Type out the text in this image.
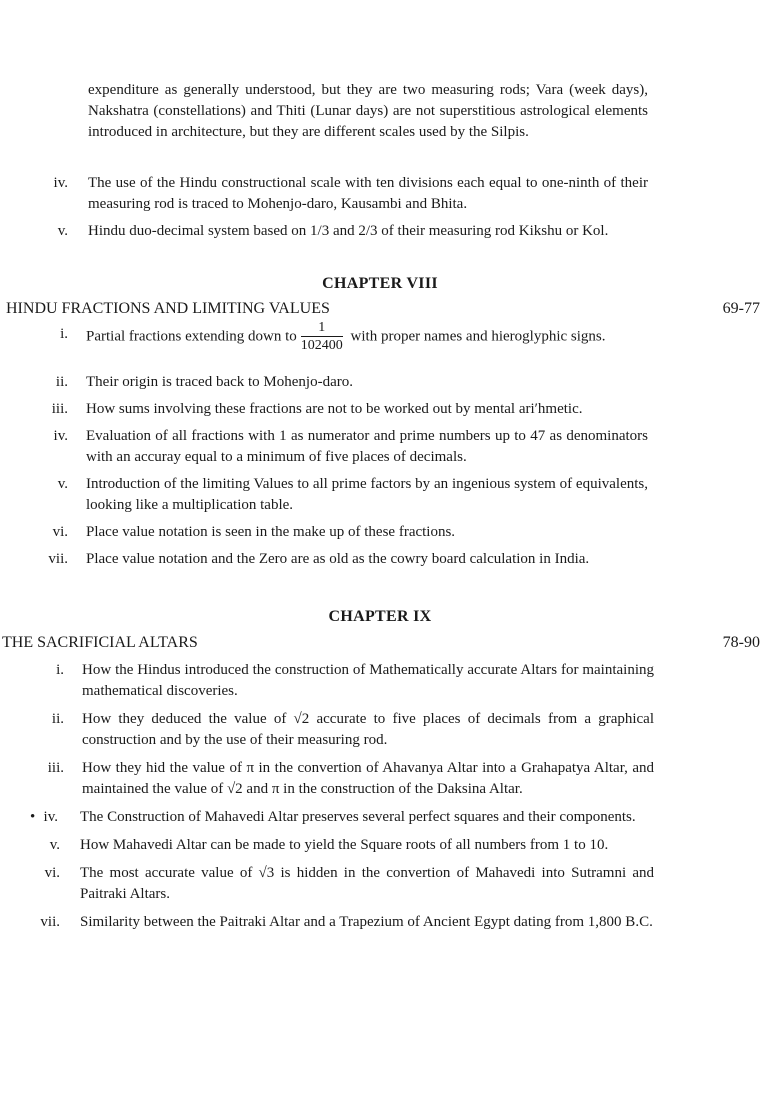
expenditure as generally understood, but they are two measuring rods; Vara (week days), Nakshatra (constellations) and Thiti (Lunar days) are not superstitious astrological elements introduced in architecture, but they are different scales used by the Silpis.
iv. The use of the Hindu constructional scale with ten divisions each equal to one-ninth of their measuring rod is traced to Mohenjo-daro, Kausambi and Bhita.
v. Hindu duo-decimal system based on 1/3 and 2/3 of their measuring rod Kikshu or Kol.
CHAPTER VIII
HINDU FRACTIONS AND LIMITING VALUES	69-77
i. Partial fractions extending down to $\frac{1}{102400}$ with proper names and hieroglyphic signs.
ii. Their origin is traced back to Mohenjo-daro.
iii. How sums involving these fractions are not to be worked out by mental ariʹhmetic.
iv. Evaluation of all fractions with 1 as numerator and prime numbers up to 47 as denominators with an accuray equal to a minimum of five places of decimals.
v. Introduction of the limiting Values to all prime factors by an ingenious system of equivalents, looking like a multiplication table.
vi. Place value notation is seen in the make up of these fractions.
vii. Place value notation and the Zero are as old as the cowry board calculation in India.
CHAPTER IX
THE SACRIFICIAL ALTARS	78-90
i. How the Hindus introduced the construction of Mathematically accurate Altars for maintaining mathematical discoveries.
ii. How they deduced the value of √2 accurate to five places of decimals from a graphical construction and by the use of their measuring rod.
iii. How they hid the value of π in the convertion of Ahavanya Altar into a Grahapatya Altar, and maintained the value of √2 and π in the construction of the Daksina Altar.
• iv. The Construction of Mahavedi Altar preserves several perfect squares and their components.
v. How Mahavedi Altar can be made to yield the Square roots of all numbers from 1 to 10.
vi. The most accurate value of √3 is hidden in the convertion of Mahavedi into Sutramni and Paitraki Altars.
vii. Similarity between the Paitraki Altar and a Trapezium of Ancient Egypt dating from 1,800 B.C.
